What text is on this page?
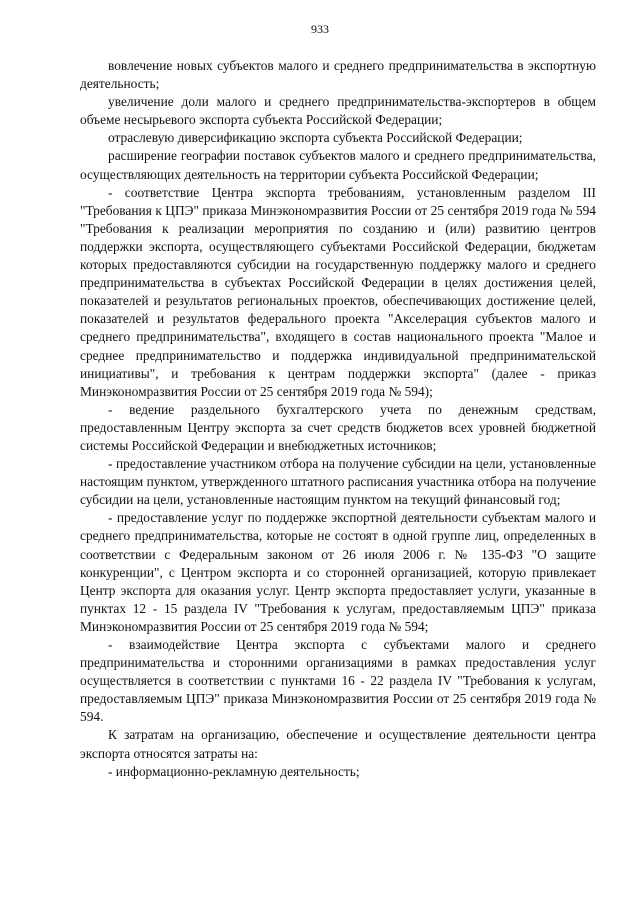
933

вовлечение новых субъектов малого и среднего предпринимательства в экспортную деятельность;

увеличение доли малого и среднего предпринимательства-экспортеров в общем объеме несырьевого экспорта субъекта Российской Федерации;

отраслевую диверсификацию экспорта субъекта Российской Федерации;

расширение географии поставок субъектов малого и среднего предпринимательства, осуществляющих деятельность на территории субъекта Российской Федерации;

- соответствие Центра экспорта требованиям, установленным разделом III "Требования к ЦПЭ" приказа Минэкономразвития России от 25 сентября 2019 года № 594 "Требования к реализации мероприятия по созданию и (или) развитию центров поддержки экспорта, осуществляющего субъектами Российской Федерации, бюджетам которых предоставляются субсидии на государственную поддержку малого и среднего предпринимательства в субъектах Российской Федерации в целях достижения целей, показателей и результатов региональных проектов, обеспечивающих достижение целей, показателей и результатов федерального проекта "Акселерация субъектов малого и среднего предпринимательства", входящего в состав национального проекта "Малое и среднее предпринимательство и поддержка индивидуальной предпринимательской инициативы", и требования к центрам поддержки экспорта" (далее - приказ Минэкономразвития России от 25 сентября 2019 года № 594);

- ведение раздельного бухгалтерского учета по денежным средствам, предоставленным Центру экспорта за счет средств бюджетов всех уровней бюджетной системы Российской Федерации и внебюджетных источников;

- предоставление участником отбора на получение субсидии на цели, установленные настоящим пунктом, утвержденного штатного расписания участника отбора на получение субсидии на цели, установленные настоящим пунктом на текущий финансовый год;

- предоставление услуг по поддержке экспортной деятельности субъектам малого и среднего предпринимательства, которые не состоят в одной группе лиц, определенных в соответствии с Федеральным законом от 26 июля 2006 г. № 135-ФЗ "О защите конкуренции", с Центром экспорта и со сторонней организацией, которую привлекает Центр экспорта для оказания услуг. Центр экспорта предоставляет услуги, указанные в пунктах 12 - 15 раздела IV "Требования к услугам, предоставляемым ЦПЭ" приказа Минэкономразвития России от 25 сентября 2019 года № 594;

- взаимодействие Центра экспорта с субъектами малого и среднего предпринимательства и сторонними организациями в рамках предоставления услуг осуществляется в соответствии с пунктами 16 - 22 раздела IV "Требования к услугам, предоставляемым ЦПЭ" приказа Минэкономразвития России от 25 сентября 2019 года № 594.

К затратам на организацию, обеспечение и осуществление деятельности центра экспорта относятся затраты на:

- информационно-рекламную деятельность;
